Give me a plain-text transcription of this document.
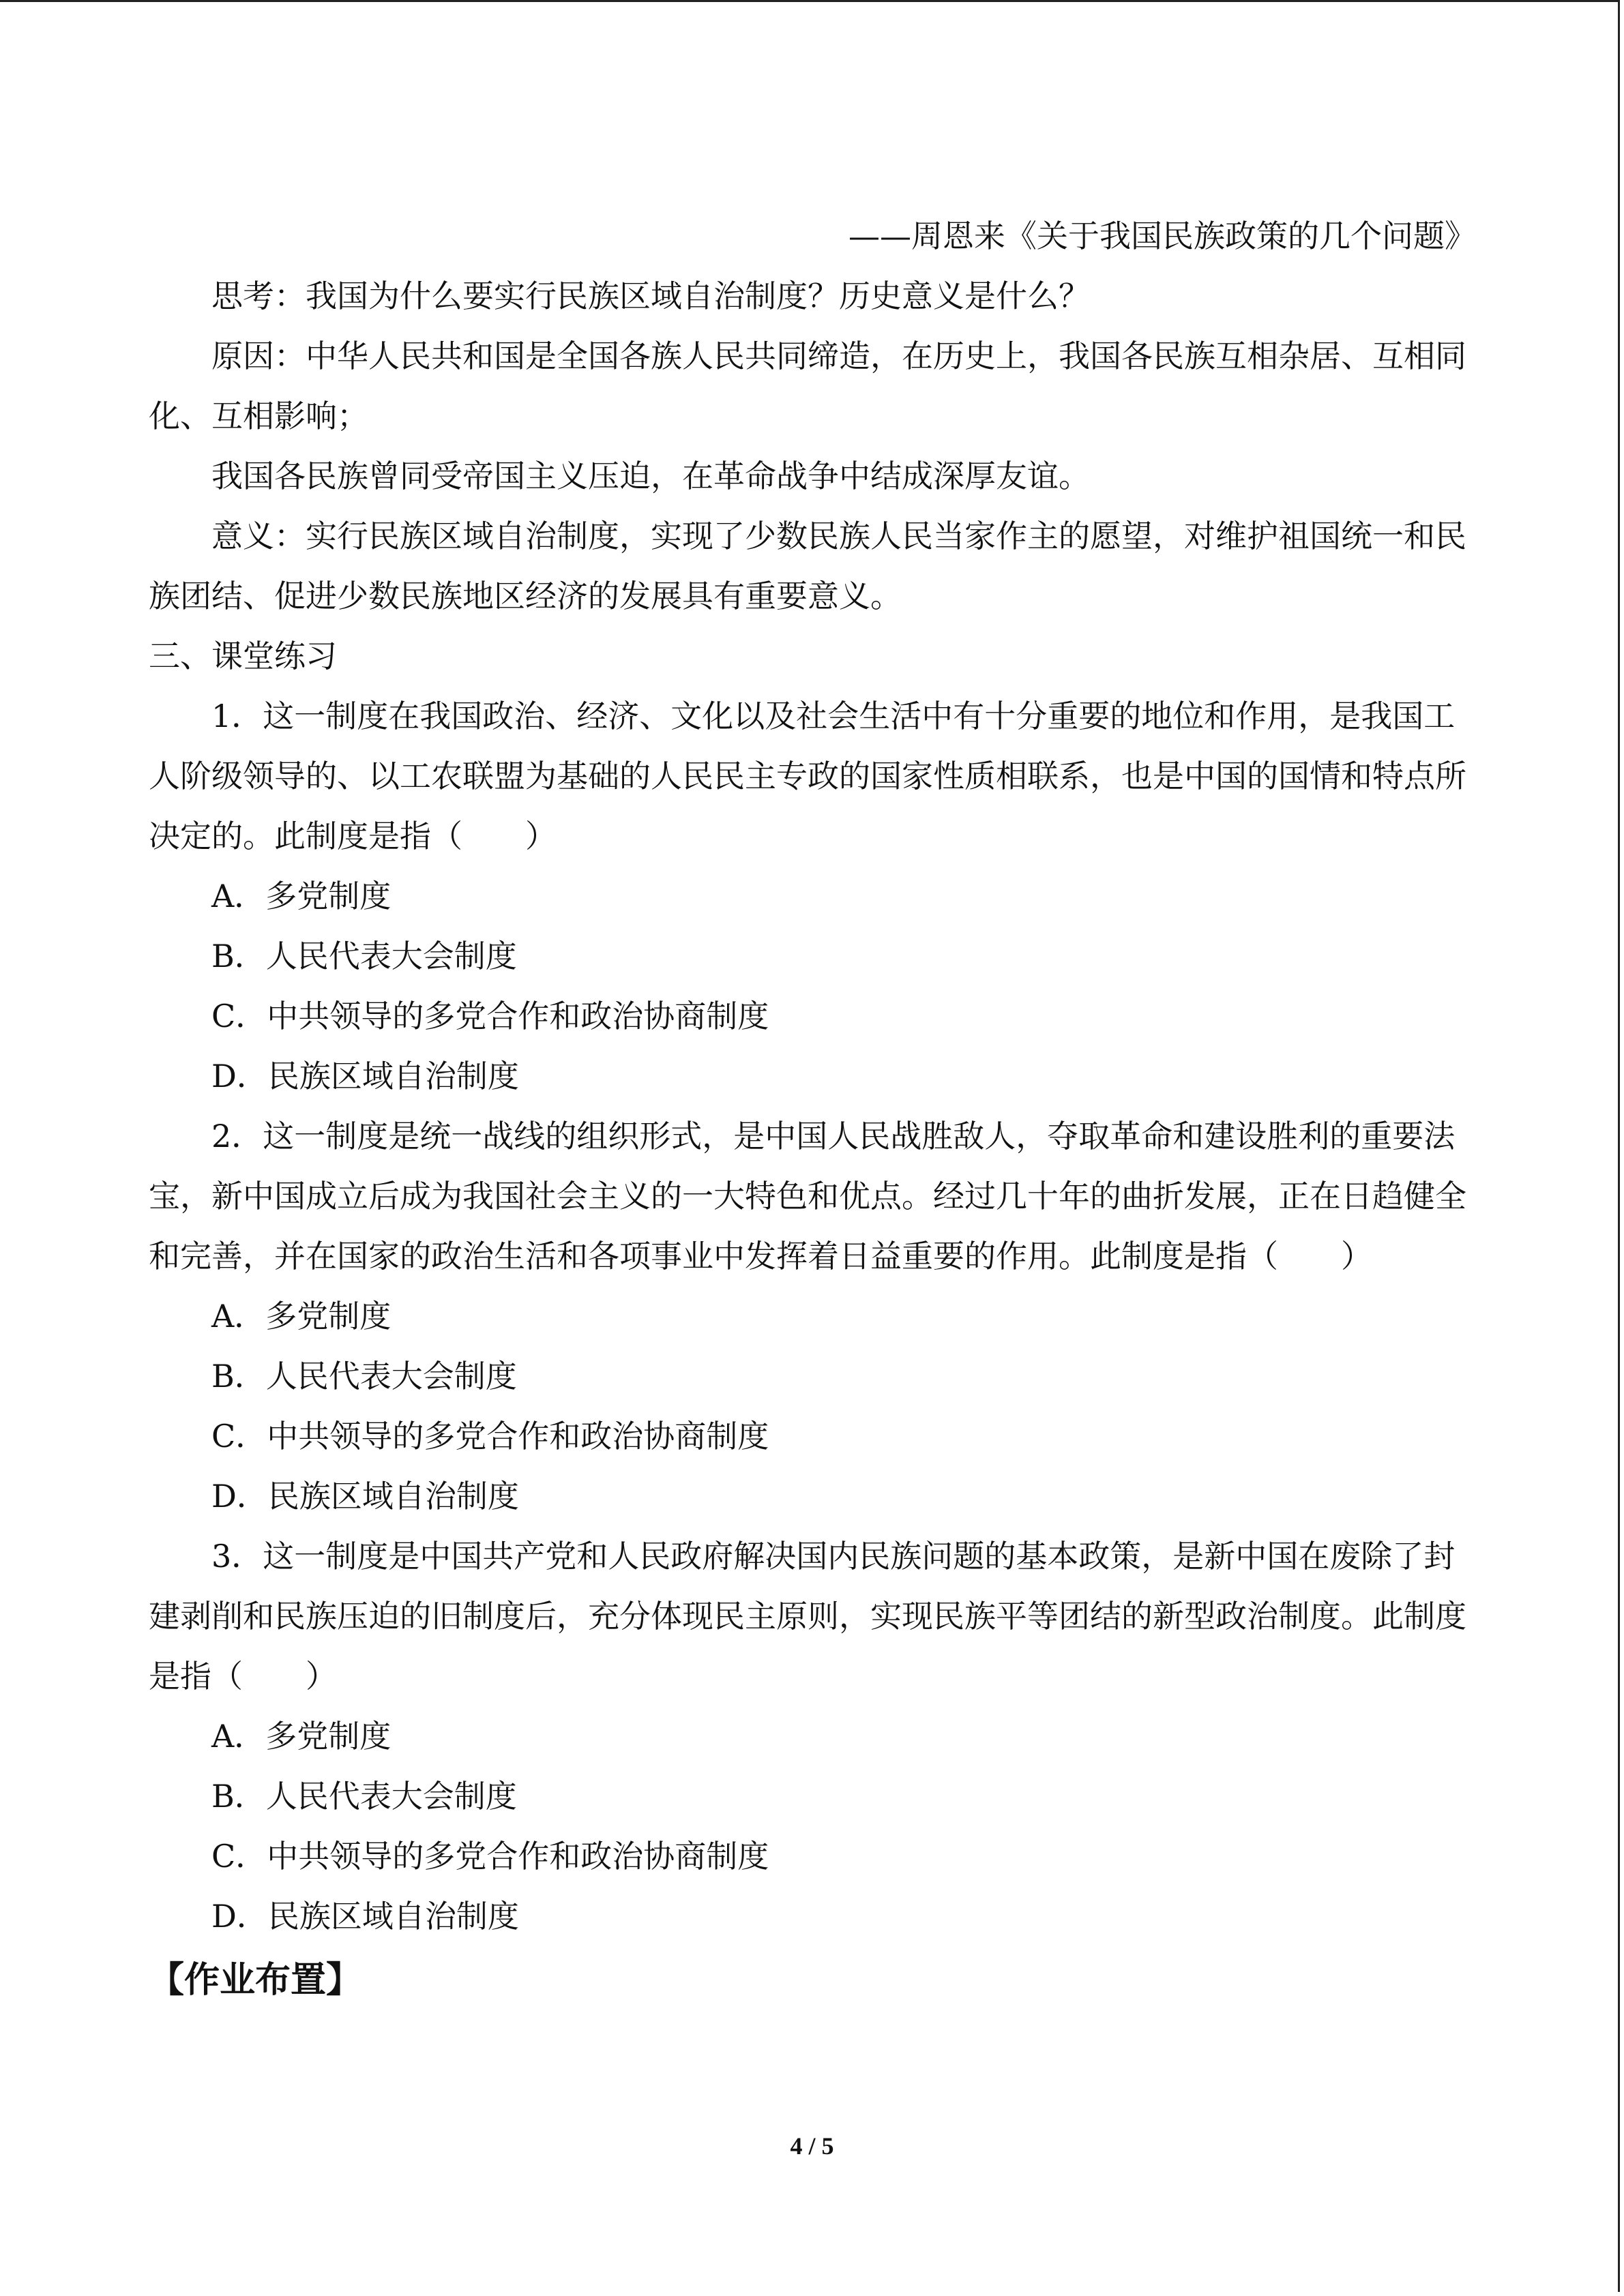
——周恩来《关于我国民族政策的几个问题》

思考：我国为什么要实行民族区域自治制度？历史意义是什么？

原因：中华人民共和国是全国各族人民共同缔造，在历史上，我国各民族互相杂居、互相同化、互相影响；

我国各民族曾同受帝国主义压迫，在革命战争中结成深厚友谊。

意义：实行民族区域自治制度，实现了少数民族人民当家作主的愿望，对维护祖国统一和民族团结、促进少数民族地区经济的发展具有重要意义。

三、课堂练习

1．这一制度在我国政治、经济、文化以及社会生活中有十分重要的地位和作用，是我国工人阶级领导的、以工农联盟为基础的人民民主专政的国家性质相联系，也是中国的国情和特点所决定的。此制度是指（　　）

A．多党制度

B．人民代表大会制度

C．中共领导的多党合作和政治协商制度

D．民族区域自治制度

2．这一制度是统一战线的组织形式，是中国人民战胜敌人，夺取革命和建设胜利的重要法宝，新中国成立后成为我国社会主义的一大特色和优点。经过几十年的曲折发展，正在日趋健全和完善，并在国家的政治生活和各项事业中发挥着日益重要的作用。此制度是指（　　）

A．多党制度

B．人民代表大会制度

C．中共领导的多党合作和政治协商制度

D．民族区域自治制度

3．这一制度是中国共产党和人民政府解决国内民族问题的基本政策，是新中国在废除了封建剥削和民族压迫的旧制度后，充分体现民主原则，实现民族平等团结的新型政治制度。此制度是指（　　）

A．多党制度

B．人民代表大会制度

C．中共领导的多党合作和政治协商制度

D．民族区域自治制度

【作业布置】

4 / 5
